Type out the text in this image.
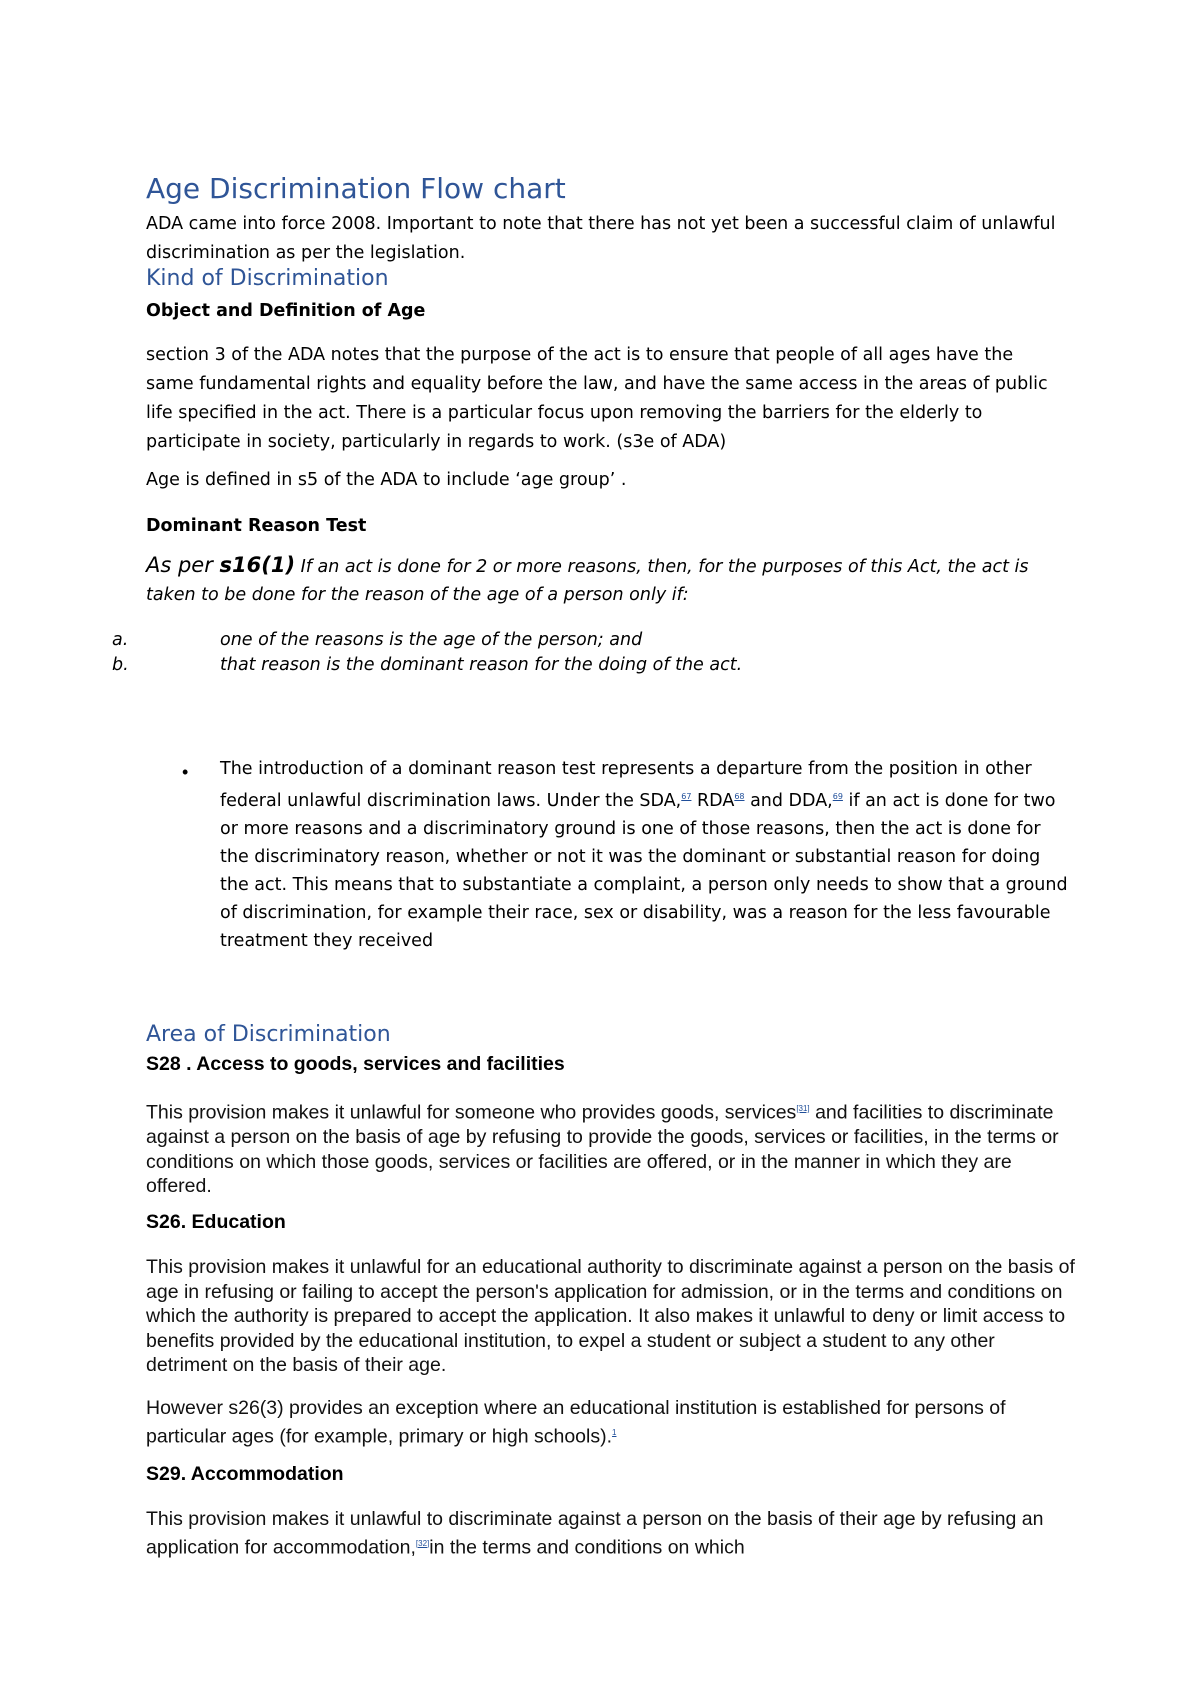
Age Discrimination Flow chart

ADA came into force 2008. Important to note that there has not yet been a successful claim of unlawful discrimination as per the legislation.

Kind of Discrimination

Object and Definition of Age

section 3 of the ADA notes that the purpose of the act is to ensure that people of all ages have the same fundamental rights and equality before the law, and have the same access in the areas of public life specified in the act. There is a particular focus upon removing the barriers for the elderly to participate in society, particularly in regards to work. (s3e of ADA)

Age is defined in s5 of the ADA to include ‘age group’ .

Dominant Reason Test

As per s16(1) If an act is done for 2 or more reasons, then, for the purposes of this Act, the act is taken to be done for the reason of the age of a person only if:

a.	one of the reasons is the age of the person; and
b.	that reason is the dominant reason for the doing of the act.
• The introduction of a dominant reason test represents a departure from the position in other federal unlawful discrimination laws. Under the SDA,$^{67}$ RDA$^{68}$ and DDA,$^{69}$ if an act is done for two or more reasons and a discriminatory ground is one of those reasons, then the act is done for the discriminatory reason, whether or not it was the dominant or substantial reason for doing the act. This means that to substantiate a complaint, a person only needs to show that a ground of discrimination, for example their race, sex or disability, was a reason for the less favourable treatment they received

Area of Discrimination

S28 . Access to goods, services and facilities

This provision makes it unlawful for someone who provides goods, services[31] and facilities to discriminate against a person on the basis of age by refusing to provide the goods, services or facilities, in the terms or conditions on which those goods, services or facilities are offered, or in the manner in which they are offered.

S26. Education

This provision makes it unlawful for an educational authority to discriminate against a person on the basis of age in refusing or failing to accept the person's application for admission, or in the terms and conditions on which the authority is prepared to accept the application. It also makes it unlawful to deny or limit access to benefits provided by the educational institution, to expel a student or subject a student to any other detriment on the basis of their age.

However s26(3) provides an exception where an educational institution is established for persons of particular ages (for example, primary or high schools).$^1$

S29. Accommodation

This provision makes it unlawful to discriminate against a person on the basis of their age by refusing an application for accommodation,[32]in the terms and conditions on which
